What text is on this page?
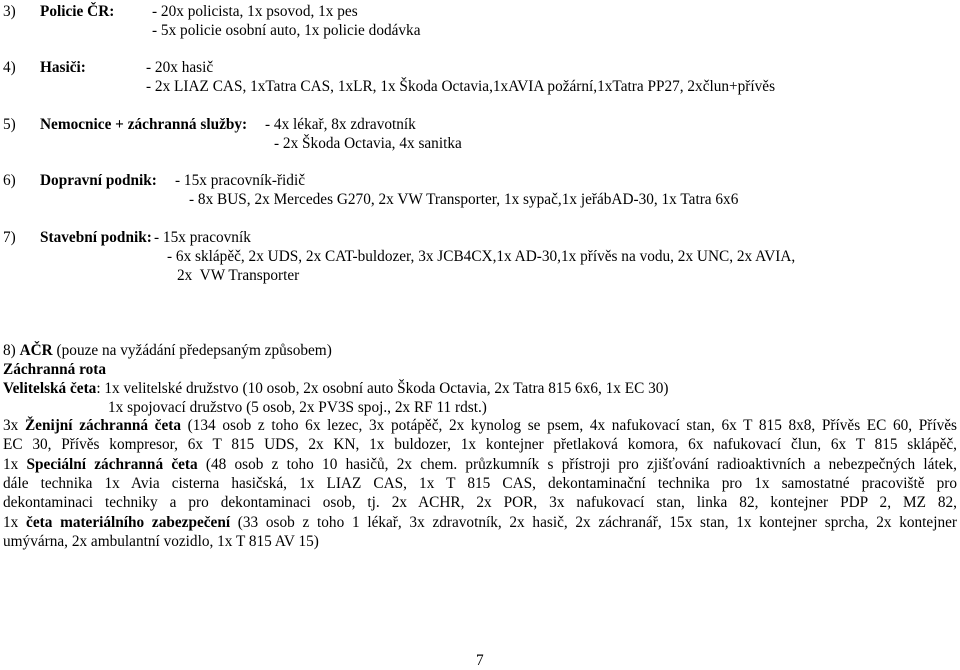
3) Policie ČR: - 20x policista, 1x psovod, 1x pes
- 5x policie osobní auto, 1x policie dodávka
4) Hasiči:	- 20x hasič
- 2x LIAZ CAS, 1xTatra CAS, 1xLR, 1x Škoda Octavia,1xAVIA požární,1xTatra PP27, 2xčlun+přívěs
5) Nemocnice + záchranná služby: - 4x lékař, 8x zdravotník
- 2x Škoda Octavia, 4x sanitka
6) Dopravní podnik: - 15x pracovník-řidič
- 8x BUS, 2x Mercedes G270, 2x VW Transporter, 1x sypač,1x jeřábAD-30, 1x Tatra 6x6
7) Stavební podnik: - 15x pracovník
- 6x sklápěč, 2x UDS, 2x CAT-buldozer, 3x JCB4CX,1x AD-30,1x přívěs na vodu, 2x UNC, 2x AVIA,
2x  VW Transporter
8) AČR (pouze na vyžádání předepsaným způsobem)
Záchranná rota
Velitelská četa: 1x velitelské družstvo (10 osob, 2x osobní auto Škoda Octavia, 2x Tatra 815 6x6, 1x EC 30)
1x spojovací družstvo (5 osob, 2x PV3S spoj., 2x RF 11 rdst.)
3x Ženijní záchranná četa (134 osob z toho 6x lezec, 3x potápěč, 2x kynolog se psem, 4x nafukovací stan, 6x T 815 8x8, Přívěs EC 60, Přívěs
EC 30, Přívěs kompresor, 6x T 815 UDS, 2x KN, 1x buldozer, 1x kontejner přetlaková komora, 6x nafukovací člun, 6x T 815 sklápěč,
1x Speciální záchranná četa (48 osob z toho 10 hasičů, 2x chem. průzkumník s přístroji pro zjišťování radioaktivních a nebezpečných látek,
dále technika 1x Avia cisterna hasičská, 1x LIAZ CAS, 1x T 815 CAS, dekontaminační technika pro 1x samostatné pracoviště pro
dekontaminaci techniky a pro dekontaminaci osob, tj. 2x ACHR, 2x POR, 3x nafukovací stan, linka 82, kontejner PDP 2, MZ 82,
1x četa materiálního zabezpečení (33 osob z toho 1 lékař, 3x zdravotník, 2x hasič, 2x záchranář, 15x stan, 1x kontejner sprcha, 2x kontejner
umývárna, 2x ambulantní vozidlo, 1x T 815 AV 15)
7
